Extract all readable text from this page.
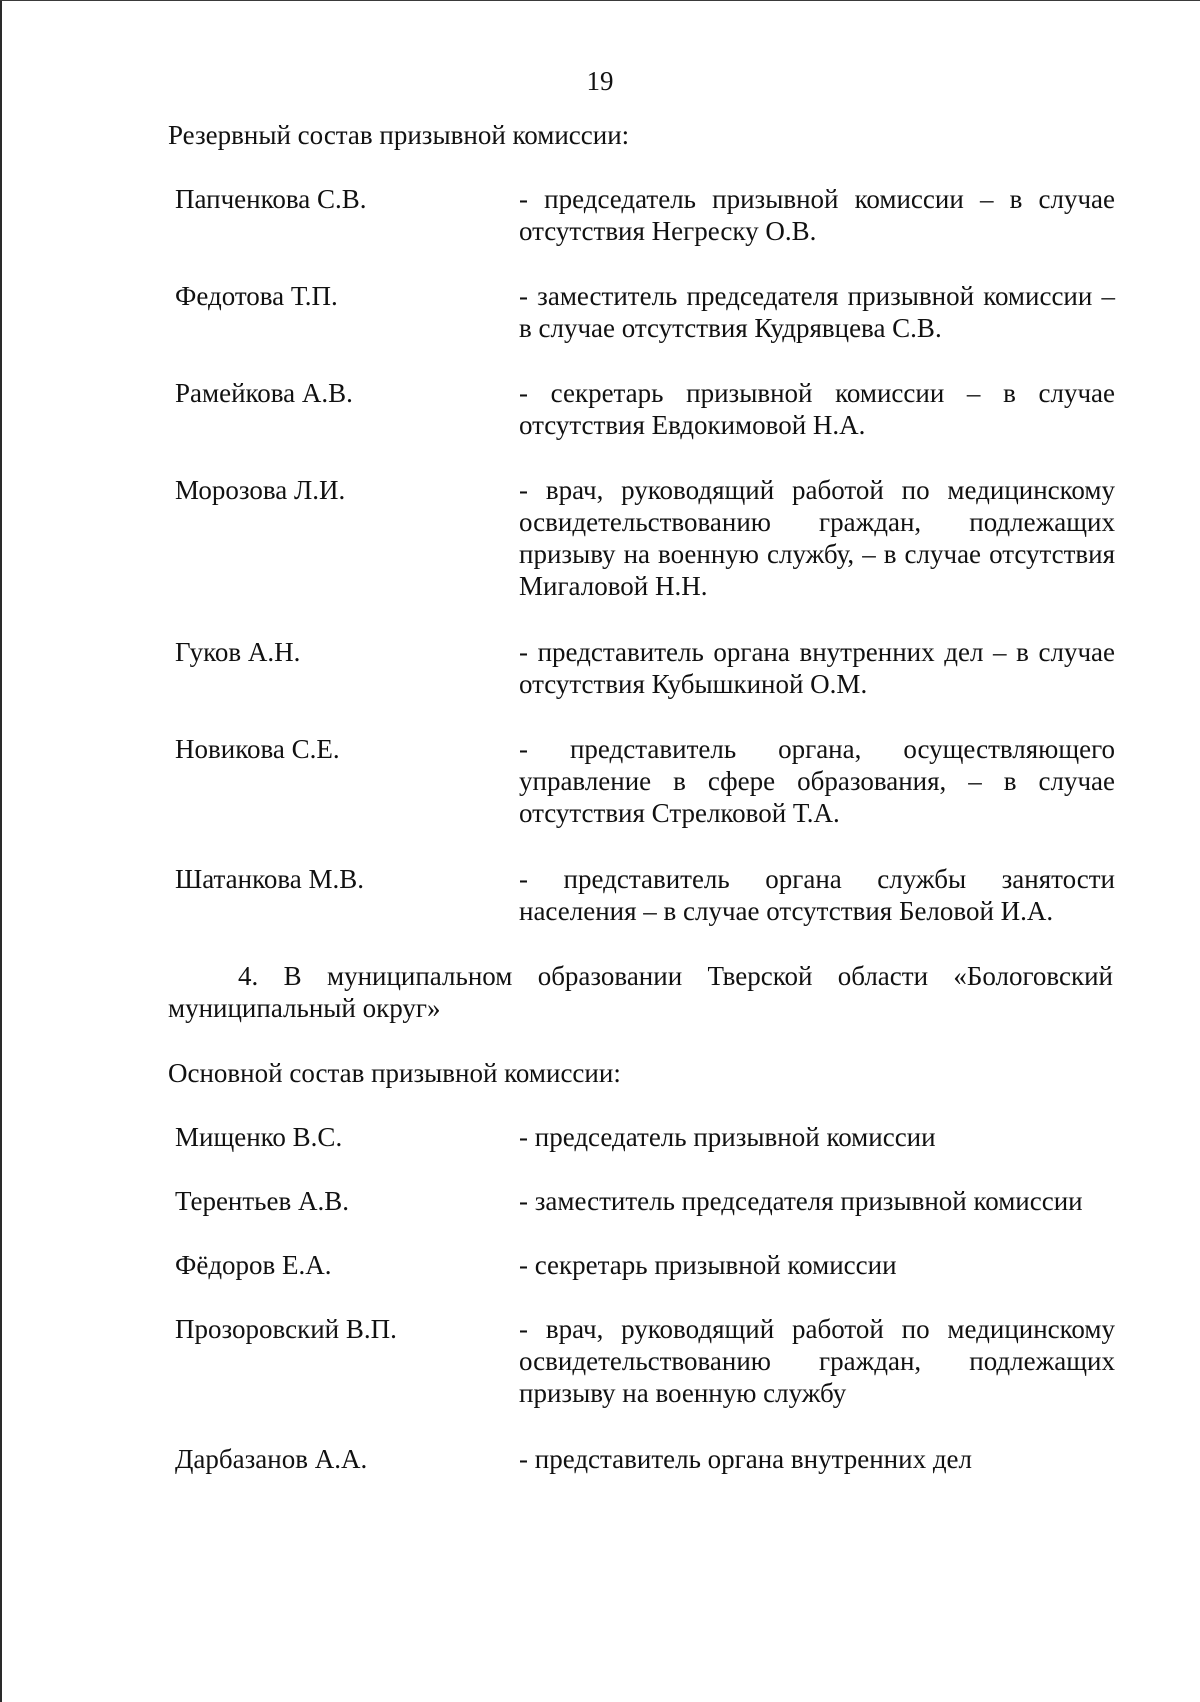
19
Резервный состав призывной комиссии:
Папченкова С.В.	- председатель призывной комиссии – в случае отсутствия Негреску О.В.
Федотова Т.П.	- заместитель председателя призывной комиссии – в случае отсутствия Кудрявцева С.В.
Рамейкова А.В.	- секретарь призывной комиссии – в случае отсутствия Евдокимовой Н.А.
Морозова Л.И.	- врач, руководящий работой по медицинскому освидетельствованию граждан, подлежащих призыву на военную службу, – в случае отсутствия Мигаловой Н.Н.
Гуков А.Н.	- представитель органа внутренних дел – в случае отсутствия Кубышкиной О.М.
Новикова С.Е.	- представитель органа, осуществляющего управление в сфере образования, – в случае отсутствия Стрелковой Т.А.
Шатанкова М.В.	- представитель органа службы занятости населения – в случае отсутствия Беловой И.А.
4. В муниципальном образовании Тверской области «Бологовский муниципальный округ»
Основной состав призывной комиссии:
Мищенко В.С.	- председатель призывной комиссии
Терентьев А.В.	- заместитель председателя призывной комиссии
Фёдоров Е.А.	- секретарь призывной комиссии
Прозоровский В.П.	- врач, руководящий работой по медицинскому освидетельствованию граждан, подлежащих призыву на военную службу
Дарбазанов А.А.	- представитель органа внутренних дел
